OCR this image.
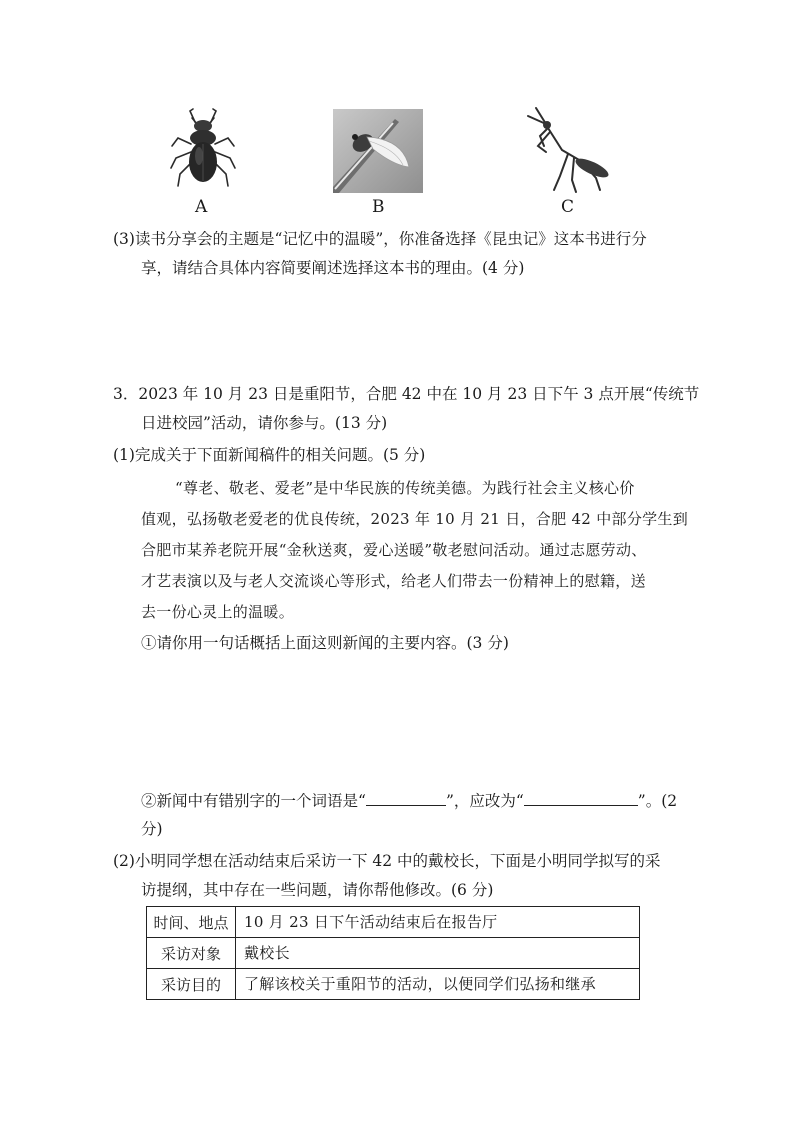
A	B	C
(3)读书分享会的主题是“记忆中的温暖”，你准备选择《昆虫记》这本书进行分
享，请结合具体内容简要阐述选择这本书的理由。(4 分)
3．2023 年 10 月 23 日是重阳节，合肥 42 中在 10 月 23 日下午 3 点开展“传统节
日进校园”活动，请你参与。(13 分)
(1)完成关于下面新闻稿件的相关问题。(5 分)
“尊老、敬老、爱老”是中华民族的传统美德。为践行社会主义核心价
值观，弘扬敬老爱老的优良传统，2023 年 10 月 21 日，合肥 42 中部分学生到
合肥市某养老院开展“金秋送爽，爱心送暖”敬老慰问活动。通过志愿劳动、
才艺表演以及与老人交流谈心等形式，给老人们带去一份精神上的慰籍，送
去一份心灵上的温暖。
①请你用一句话概括上面这则新闻的主要内容。(3 分)
②新闻中有错别字的一个词语是“	”，应改为“	”。(2
分)
(2)小明同学想在活动结束后采访一下 42 中的戴校长，下面是小明同学拟写的采
访提纲，其中存在一些问题，请你帮他修改。(6 分)
时间、地点	10 月 23 日下午活动结束后在报告厅
采访对象	戴校长
采访目的	了解该校关于重阳节的活动，以便同学们弘扬和继承
